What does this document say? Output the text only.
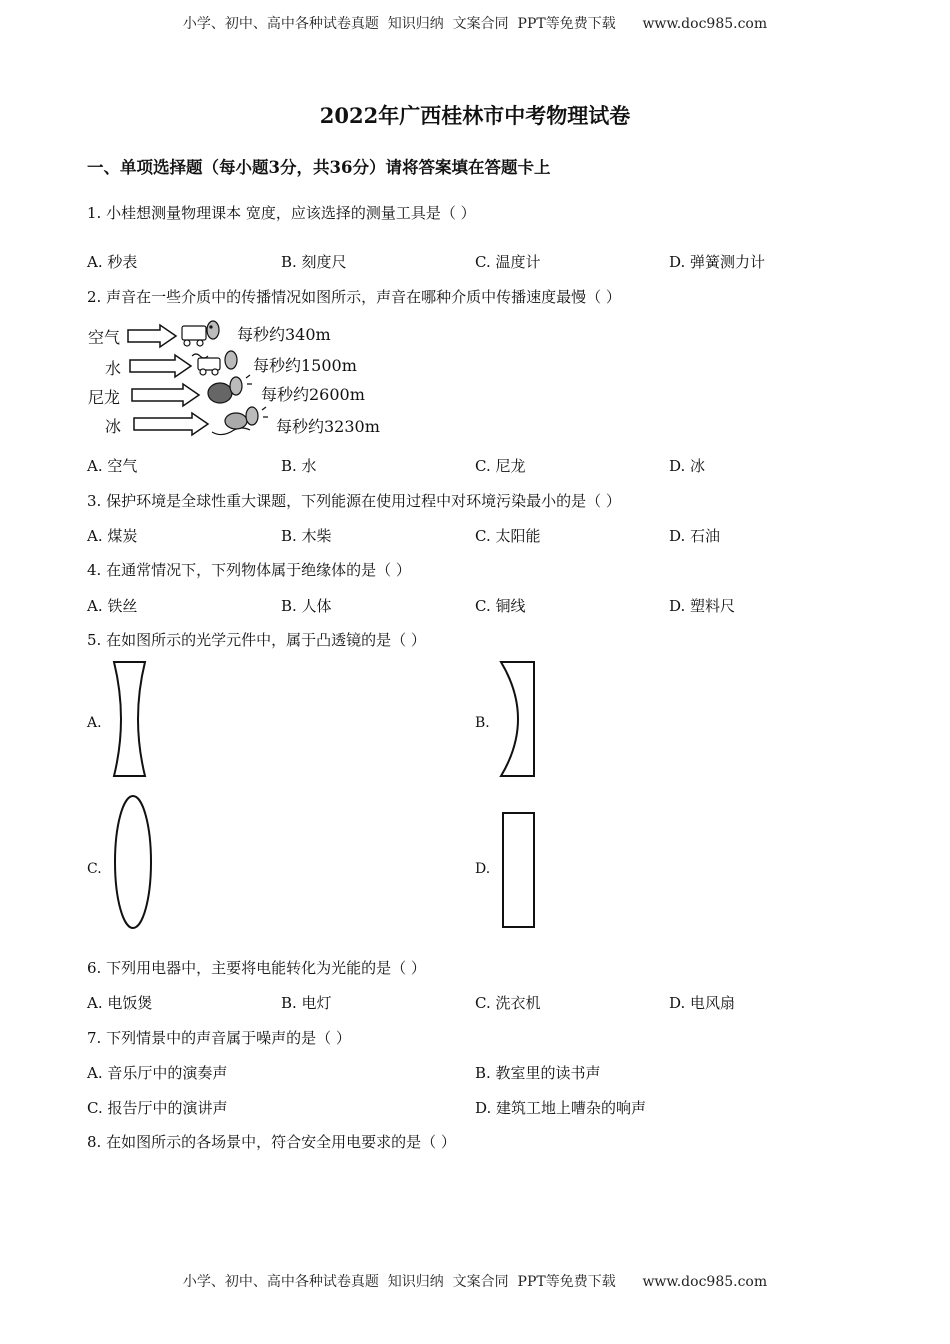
小学、初中、高中各种试卷真题  知识归纳  文案合同  PPT等免费下载      www.doc985.com
2022年广西桂林市中考物理试卷
一、单项选择题（每小题3分，共36分）请将答案填在答题卡上
1. 小桂想测量物理课本 宽度，应该选择的测量工具是（ ）
A. 秒表	B. 刻度尺	C. 温度计	D. 弹簧测力计
2. 声音在一些介质中的传播情况如图所示，声音在哪种介质中传播速度最慢（ ）
空气
水
尼龙
冰
每秒约340m
每秒约1500m
每秒约2600m
每秒约3230m
A. 空气	B. 水	C. 尼龙	D. 冰
3. 保护环境是全球性重大课题，下列能源在使用过程中对环境污染最小的是（ ）
A. 煤炭	B. 木柴	C. 太阳能	D. 石油
4. 在通常情况下，下列物体属于绝缘体的是（ ）
A. 铁丝	B. 人体	C. 铜线	D. 塑料尺
5. 在如图所示的光学元件中，属于凸透镜的是（ ）
A.	B.
C.	D.
6. 下列用电器中，主要将电能转化为光能的是（ ）
A. 电饭煲	B. 电灯	C. 洗衣机	D. 电风扇
7. 下列情景中的声音属于噪声的是（ ）
A. 音乐厅中的演奏声	B. 教室里的读书声
C. 报告厅中的演讲声	D. 建筑工地上嘈杂的响声
8. 在如图所示的各场景中，符合安全用电要求的是（ ）
小学、初中、高中各种试卷真题  知识归纳  文案合同  PPT等免费下载      www.doc985.com
